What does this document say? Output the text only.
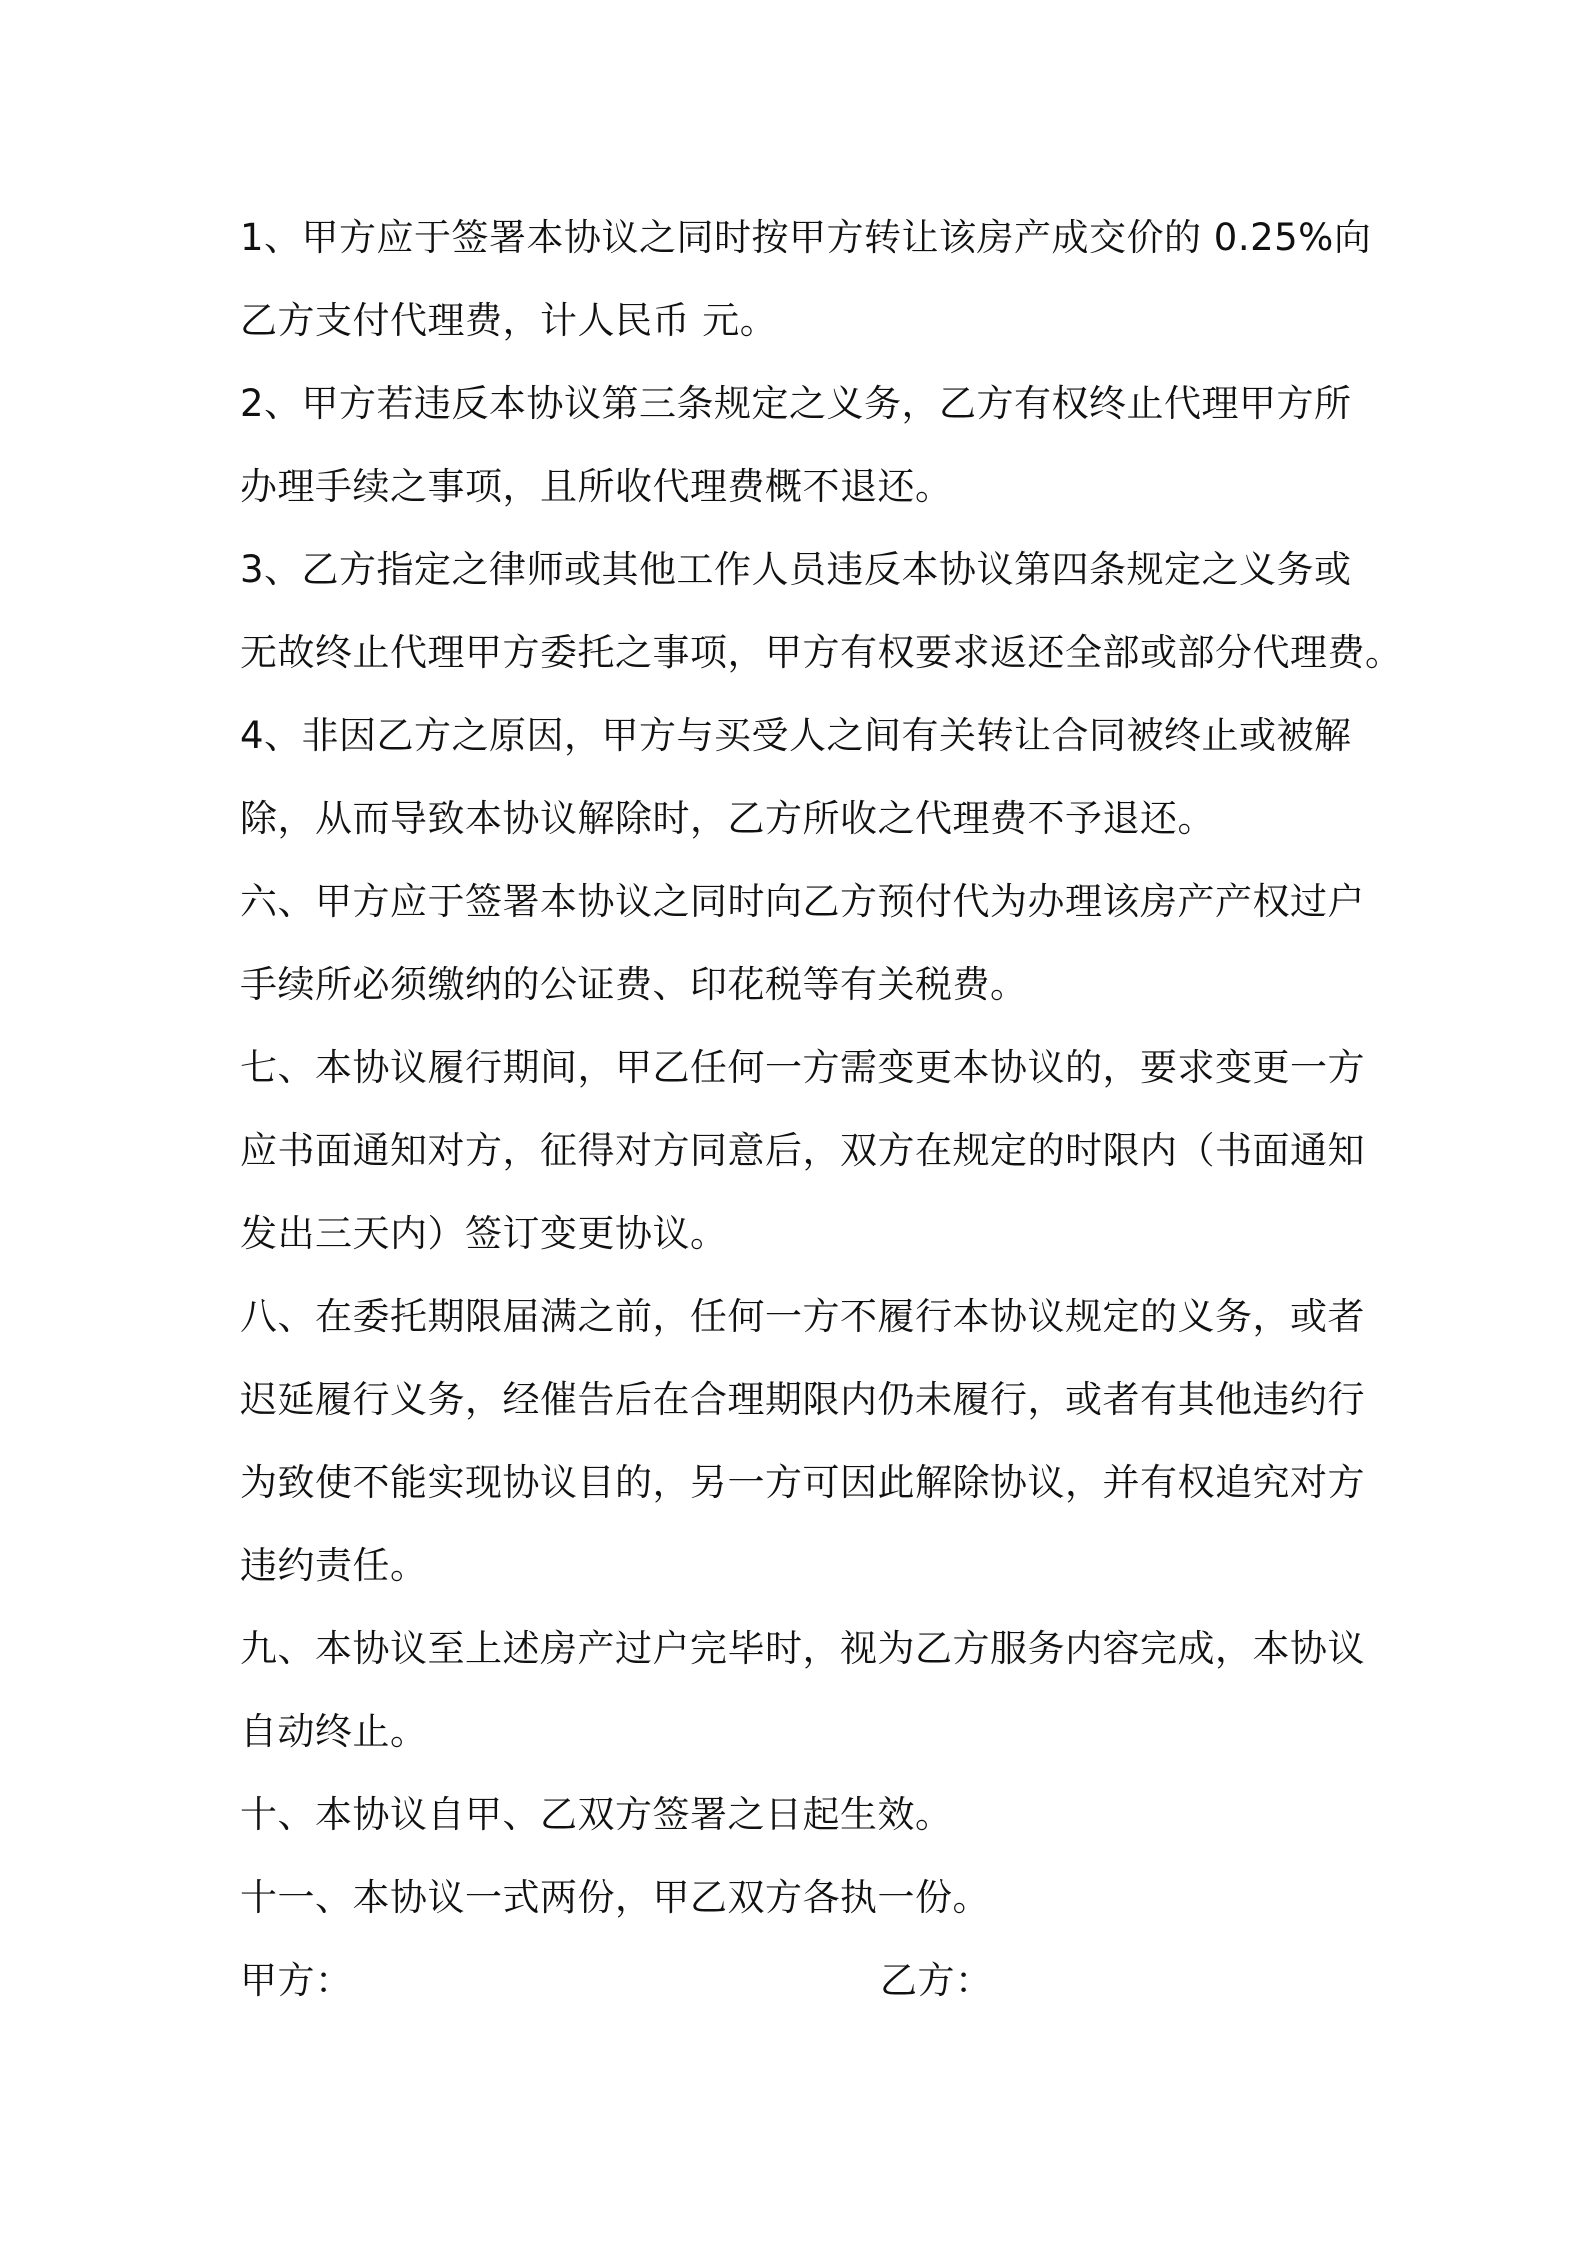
1、甲方应于签署本协议之同时按甲方转让该房产成交价的 0.25%向
乙方支付代理费，计人民币 元。

2、甲方若违反本协议第三条规定之义务，乙方有权终止代理甲方所
办理手续之事项，且所收代理费概不退还。

3、乙方指定之律师或其他工作人员违反本协议第四条规定之义务或
无故终止代理甲方委托之事项，甲方有权要求返还全部或部分代理费。

4、非因乙方之原因，甲方与买受人之间有关转让合同被终止或被解
除，从而导致本协议解除时，乙方所收之代理费不予退还。

六、甲方应于签署本协议之同时向乙方预付代为办理该房产产权过户
手续所必须缴纳的公证费、印花税等有关税费。

七、本协议履行期间，甲乙任何一方需变更本协议的，要求变更一方
应书面通知对方，征得对方同意后，双方在规定的时限内（书面通知
发出三天内）签订变更协议。

八、在委托期限届满之前，任何一方不履行本协议规定的义务，或者
迟延履行义务，经催告后在合理期限内仍未履行，或者有其他违约行
为致使不能实现协议目的，另一方可因此解除协议，并有权追究对方
违约责任。

九、本协议至上述房产过户完毕时，视为乙方服务内容完成，本协议
自动终止。

十、本协议自甲、乙双方签署之日起生效。

十一、本协议一式两份，甲乙双方各执一份。

甲方：	乙方：
